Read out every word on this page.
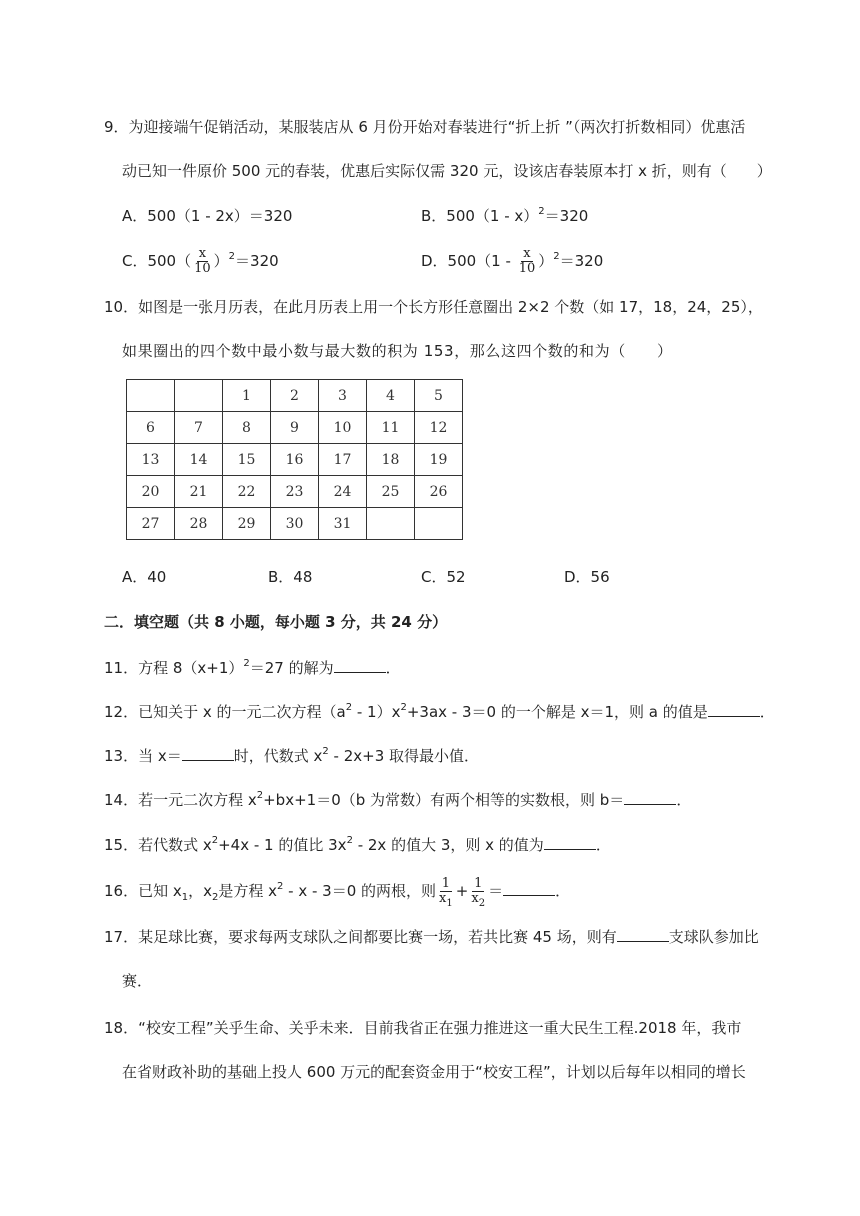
9．为迎接端午促销活动，某服装店从 6 月份开始对春装进行“折上折 ”（两次打折数相同）优惠活
动已知一件原价 500 元的春装，优惠后实际仅需 320 元，设该店春装原本打 x 折，则有（　　）
A．500（1 - 2x）＝320	B．500（1 - x）$^2$＝320
C．$500( \frac{x}{10} )^2=320$	D．$500(1 - \frac{x}{10} )^2=320$
10．如图是一张月历表，在此月历表上用一个长方形任意圈出 2×2 个数（如 17，18，24，25），
如果圈出的四个数中最小数与最大数的积为 153，那么这四个数的和为（　　）
		1	2	3	4	5
6	7	8	9	10	11	12
13	14	15	16	17	18	19
20	21	22	23	24	25	26
27	28	29	30	31		
A．40	B．48	C．52	D．56
二．填空题（共 8 小题，每小题 3 分，共 24 分）
11．方程 $8(x+1)^2=27$ 的解为	．
12．已知关于 x 的一元二次方程$(a^2 - 1)x^2+3ax - 3=0$ 的一个解是 x＝1，则 a 的值是	．
13．当 x＝	时，代数式 $x^2 - 2x+3$ 取得最小值．
14．若一元二次方程 $x^2+bx+1=0(b$ 为常数）有两个相等的实数根，则 b＝	．
15．若代数式 $x^2+4x - 1$ 的值比 $3x^2 - 2x$ 的值大 3，则 x 的值为	．
16．已知 $x_1$，$x_2$是方程 $x^2 - x - 3=0$ 的两根，则 $\frac{1}{x_1} + \frac{1}{x_2}$ ＝	．
17．某足球比赛，要求每两支球队之间都要比赛一场，若共比赛 45 场，则有	支球队参加比
赛．
18．“校安工程”关乎生命、关乎未来．目前我省正在强力推进这一重大民生工程.2018 年，我市
在省财政补助的基础上投人 600 万元的配套资金用于“校安工程”，计划以后每年以相同的增长
